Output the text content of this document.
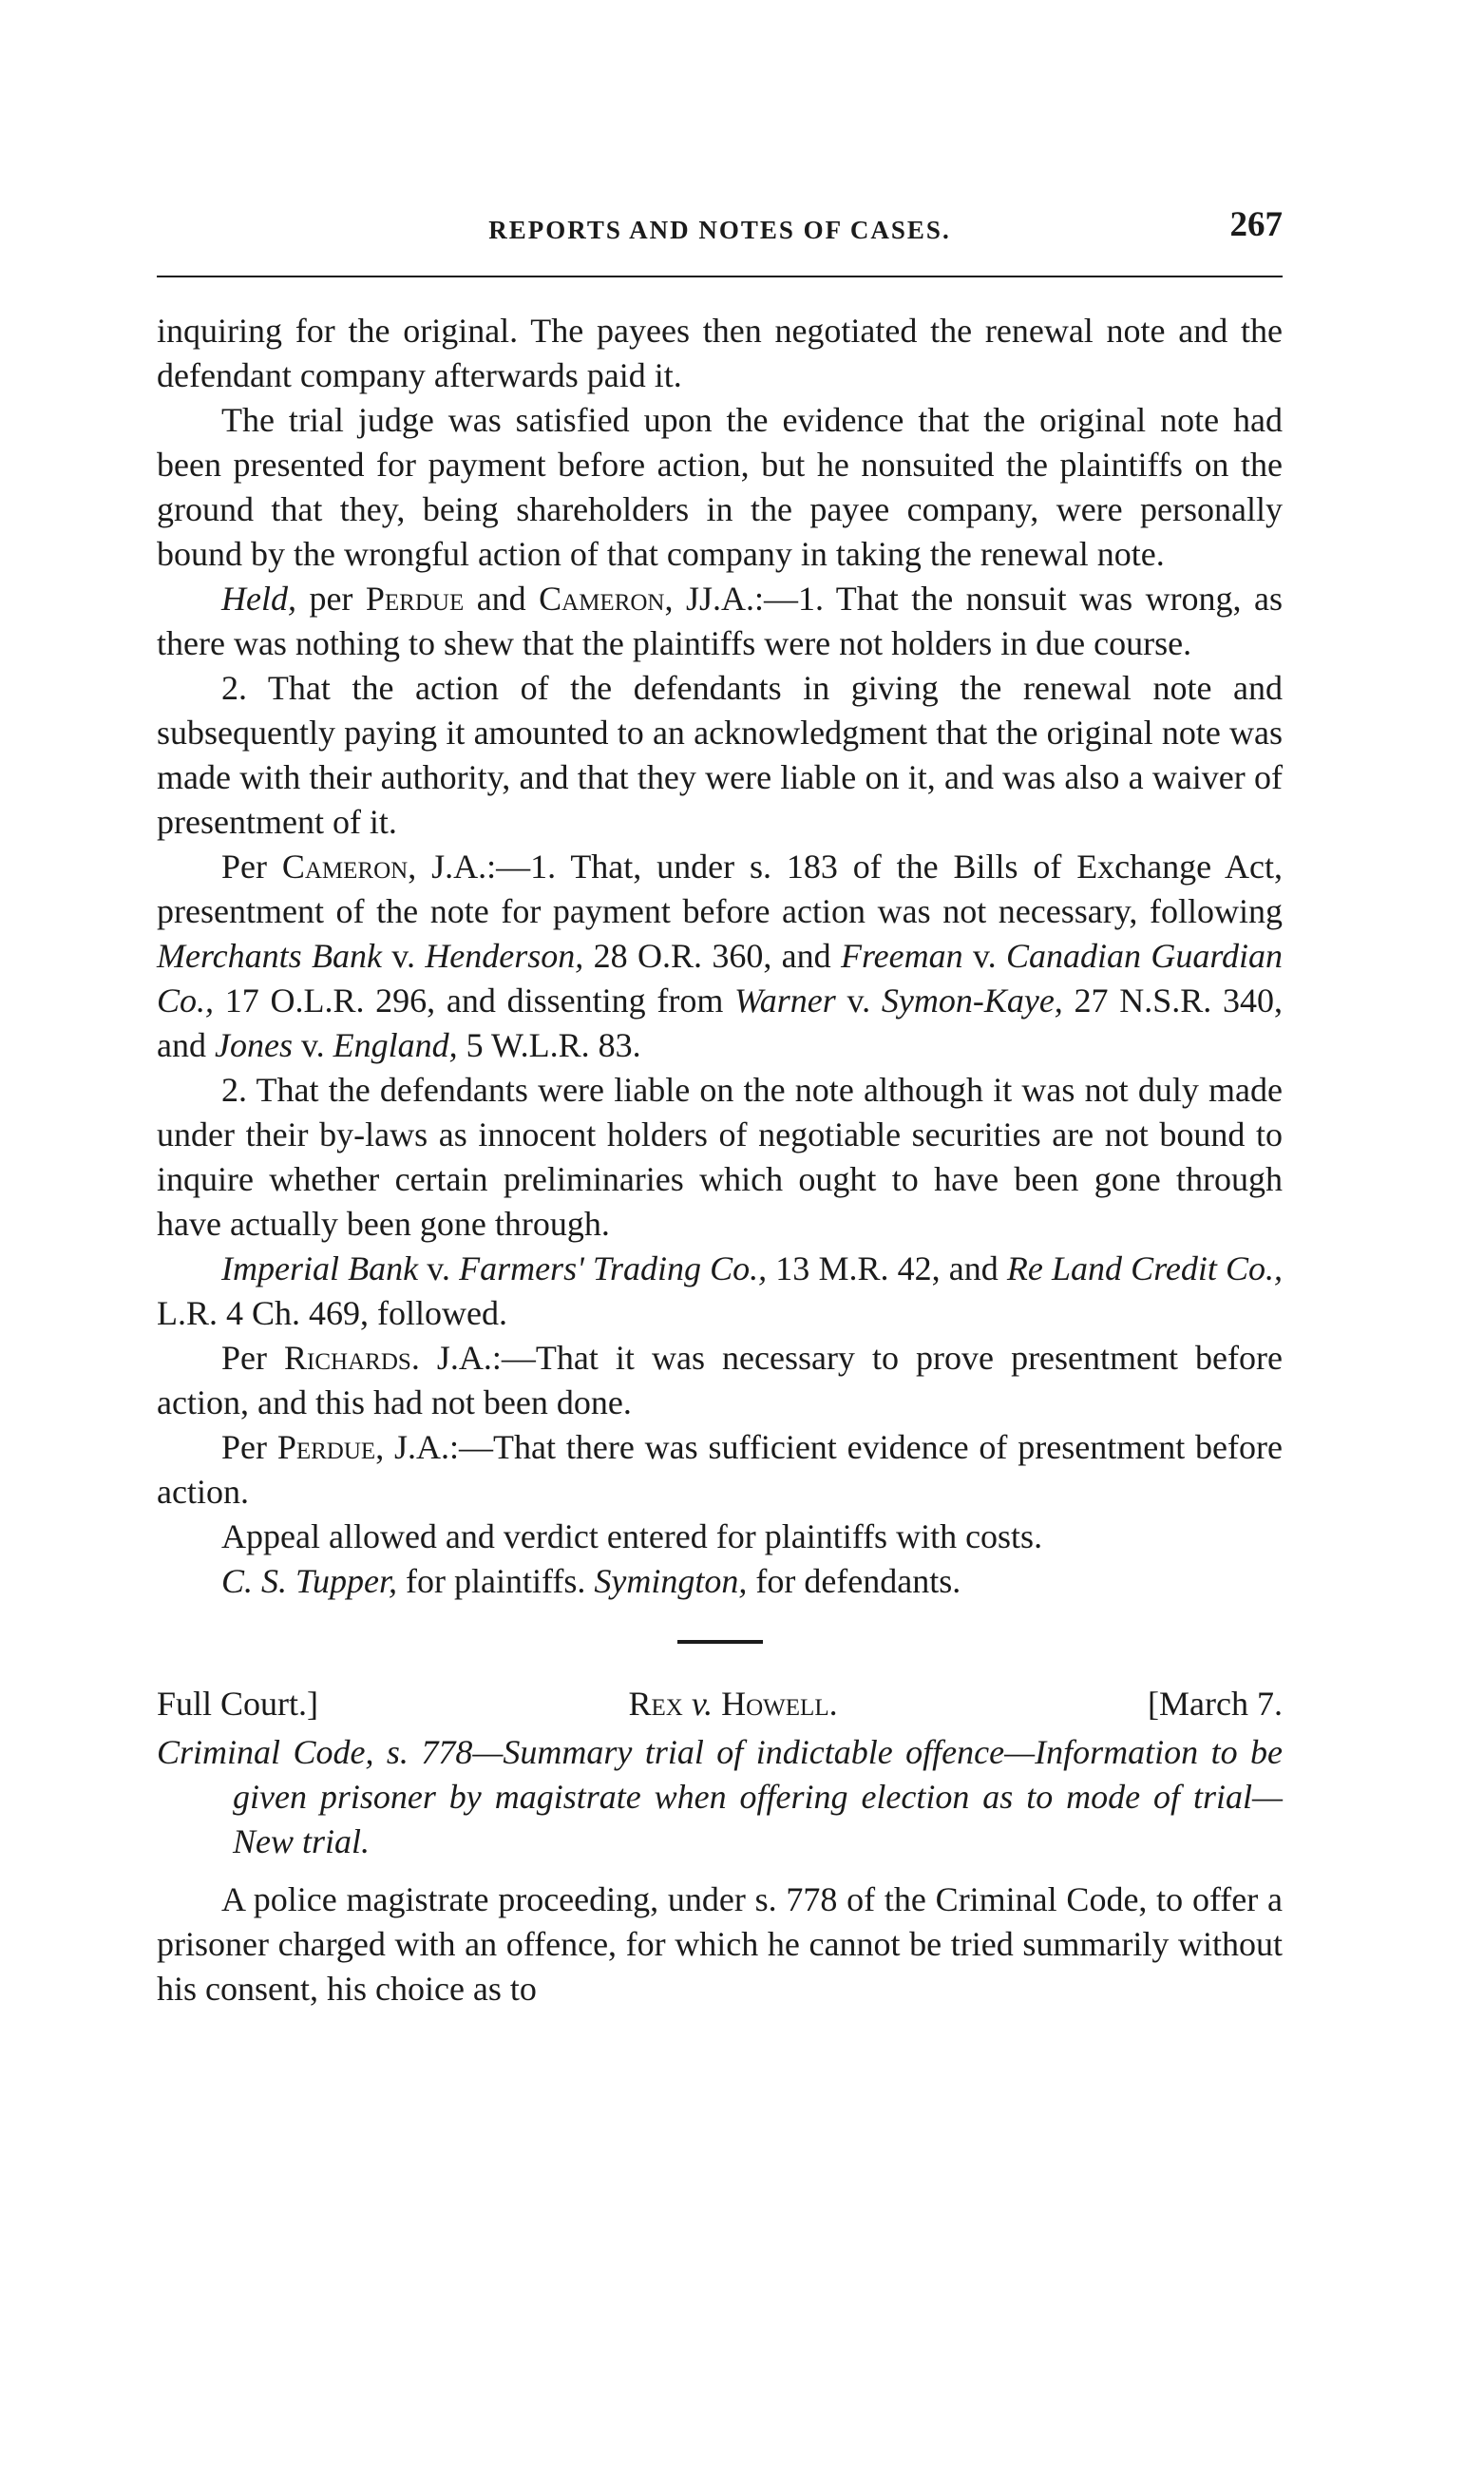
REPORTS AND NOTES OF CASES.	267

inquiring for the original. The payees then negotiated the renewal note and the defendant company afterwards paid it.

The trial judge was satisfied upon the evidence that the original note had been presented for payment before action, but he nonsuited the plaintiffs on the ground that they, being shareholders in the payee company, were personally bound by the wrongful action of that company in taking the renewal note.

Held, per Perdue and Cameron, JJ.A.:—1. That the nonsuit was wrong, as there was nothing to shew that the plaintiffs were not holders in due course.

2. That the action of the defendants in giving the renewal note and subsequently paying it amounted to an acknowledgment that the original note was made with their authority, and that they were liable on it, and was also a waiver of presentment of it.

Per Cameron, J.A.:—1. That, under s. 183 of the Bills of Exchange Act, presentment of the note for payment before action was not necessary, following Merchants Bank v. Henderson, 28 O.R. 360, and Freeman v. Canadian Guardian Co., 17 O.L.R. 296, and dissenting from Warner v. Symon-Kaye, 27 N.S.R. 340, and Jones v. England, 5 W.L.R. 83.

2. That the defendants were liable on the note although it was not duly made under their by-laws as innocent holders of negotiable securities are not bound to inquire whether certain preliminaries which ought to have been gone through have actually been gone through.

Imperial Bank v. Farmers' Trading Co., 13 M.R. 42, and Re Land Credit Co., L.R. 4 Ch. 469, followed.

Per Richards. J.A.:—That it was necessary to prove presentment before action, and this had not been done.

Per Perdue, J.A.:—That there was sufficient evidence of presentment before action.

Appeal allowed and verdict entered for plaintiffs with costs.

C. S. Tupper, for plaintiffs. Symington, for defendants.

Full Court.]	Rex v. Howell.	[March 7.

Criminal Code, s. 778—Summary trial of indictable offence—Information to be given prisoner by magistrate when offering election as to mode of trial—New trial.

A police magistrate proceeding, under s. 778 of the Criminal Code, to offer a prisoner charged with an offence, for which he cannot be tried summarily without his consent, his choice as to
